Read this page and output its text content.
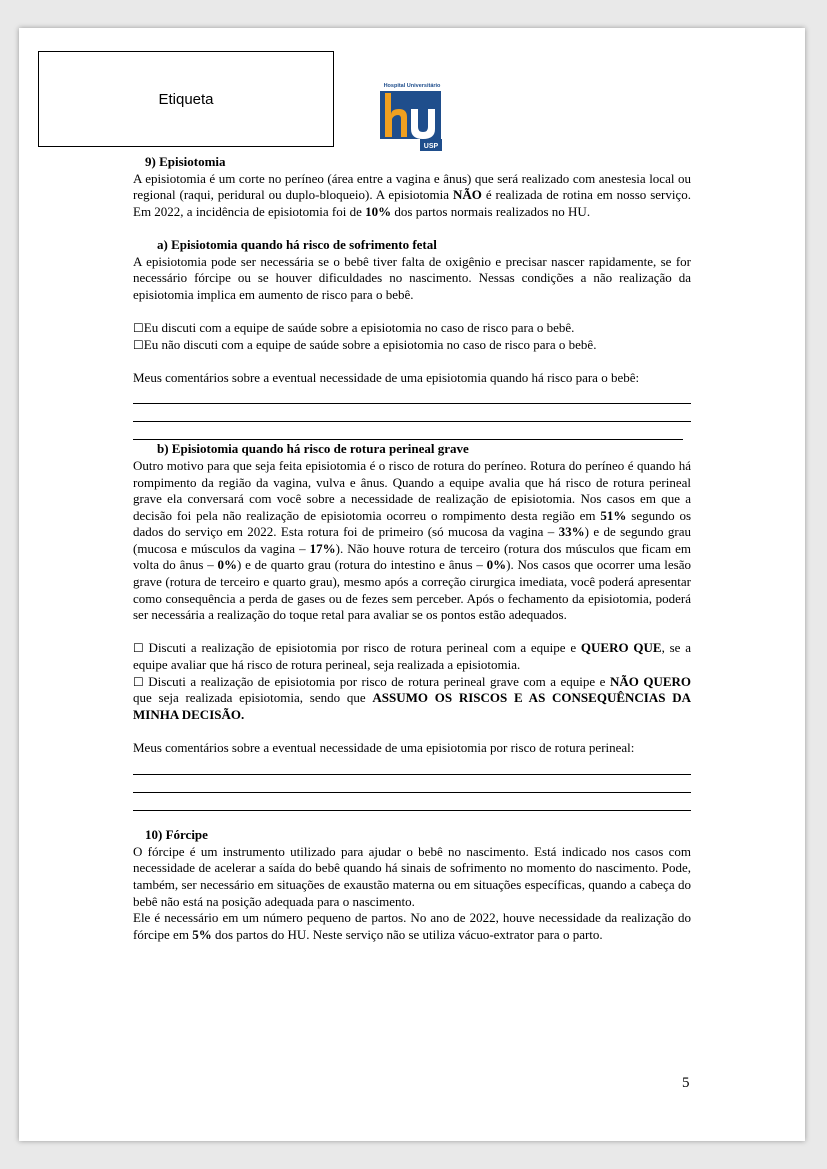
Etiqueta
Hospital Universitário
USP

9) Episiotomia

A episiotomia é um corte no períneo (área entre a vagina e ânus) que será realizado com anestesia local ou regional (raqui, peridural ou duplo-bloqueio). A episiotomia NÃO é realizada de rotina em nosso serviço. Em 2022, a incidência de episiotomia foi de 10% dos partos normais realizados no HU.

a) Episiotomia quando há risco de sofrimento fetal

A episiotomia pode ser necessária se o bebê tiver falta de oxigênio e precisar nascer rapidamente, se for necessário fórcipe ou se houver dificuldades no nascimento. Nessas condições a não realização da episiotomia implica em aumento de risco para o bebê.

☐Eu discuti com a equipe de saúde sobre a episiotomia no caso de risco para o bebê.

☐Eu não discuti com a equipe de saúde sobre a episiotomia no caso de risco para o bebê.

Meus comentários sobre a eventual necessidade de uma episiotomia quando há risco para o bebê:

b) Episiotomia quando há risco de rotura perineal grave

Outro motivo para que seja feita episiotomia é o risco de rotura do períneo. Rotura do períneo é quando há rompimento da região da vagina, vulva e ânus. Quando a equipe avalia que há risco de rotura perineal grave ela conversará com você sobre a necessidade de realização de episiotomia. Nos casos em que a decisão foi pela não realização de episiotomia ocorreu o rompimento desta região em 51% segundo os dados do serviço em 2022. Esta rotura foi de primeiro (só mucosa da vagina – 33%) e de segundo grau (mucosa e músculos da vagina – 17%). Não houve rotura de terceiro (rotura dos músculos que ficam em volta do ânus – 0%) e de quarto grau (rotura do intestino e ânus – 0%). Nos casos que ocorrer uma lesão grave (rotura de terceiro e quarto grau), mesmo após a correção cirurgica imediata, você poderá apresentar como consequência a perda de gases ou de fezes sem perceber. Após o fechamento da episiotomia, poderá ser necessária a realização do toque retal para avaliar se os pontos estão adequados.

☐ Discuti a realização de episiotomia por risco de rotura perineal com a equipe e QUERO QUE, se a equipe avaliar que há risco de rotura perineal, seja realizada a episiotomia.

☐ Discuti a realização de episiotomia por risco de rotura perineal grave com a equipe e NÃO QUERO que seja realizada episiotomia, sendo que ASSUMO OS RISCOS E AS CONSEQUÊNCIAS DA MINHA DECISÃO.

Meus comentários sobre a eventual necessidade de uma episiotomia por risco de rotura perineal:

10) Fórcipe

O fórcipe é um instrumento utilizado para ajudar o bebê no nascimento. Está indicado nos casos com necessidade de acelerar a saída do bebê quando há sinais de sofrimento no momento do nascimento. Pode, também, ser necessário em situações de exaustão materna ou em situações específicas, quando a cabeça do bebê não está na posição adequada para o nascimento.

Ele é necessário em um número pequeno de partos. No ano de 2022, houve necessidade da realização do fórcipe em 5% dos partos do HU. Neste serviço não se utiliza vácuo-extrator para o parto.

5
